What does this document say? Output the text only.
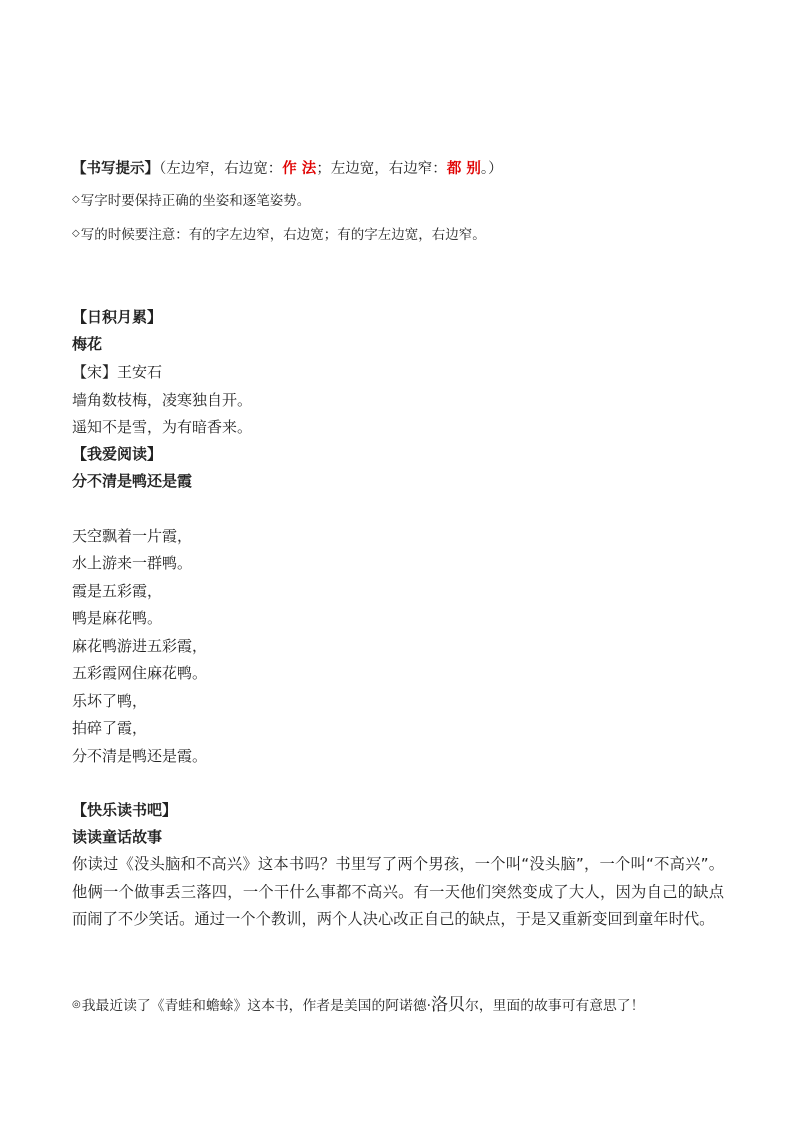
【书写提示】（左边窄，右边宽：作 法；左边宽，右边窄：都 别。）
◇写字时要保持正确的坐姿和逐笔姿势。
◇写的时候要注意：有的字左边窄，右边宽；有的字左边宽，右边窄。
【日积月累】
梅花
【宋】王安石
墙角数枝梅，凌寒独自开。
遥知不是雪，为有暗香来。
【我爱阅读】
分不清是鸭还是霞
天空飘着一片霞，
水上游来一群鸭。
霞是五彩霞，
鸭是麻花鸭。
麻花鸭游进五彩霞，
五彩霞网住麻花鸭。
乐坏了鸭，
拍碎了霞，
分不清是鸭还是霞。
【快乐读书吧】
读读童话故事
你读过《没头脑和不高兴》这本书吗？书里写了两个男孩，一个叫“没头脑”，一个叫“不高兴”。他俩一个做事丢三落四，一个干什么事都不高兴。有一天他们突然变成了大人，因为自己的缺点而闹了不少笑话。通过一个个教训，两个人决心改正自己的缺点，于是又重新变回到童年时代。
◎我最近读了《青蛙和蟾蜍》这本书，作者是美国的阿诺德·洛贝尔，里面的故事可有意思了！
